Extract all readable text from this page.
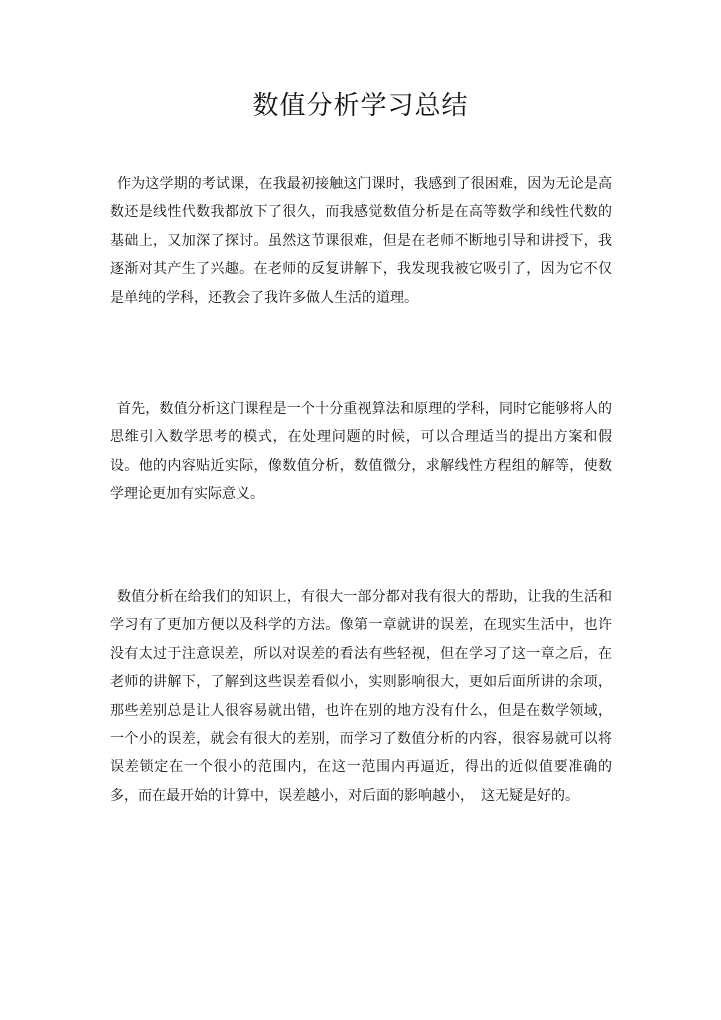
数值分析学习总结

作为这学期的考试课，在我最初接触这门课时，我感到了很困难，因为无论是高数还是线性代数我都放下了很久，而我感觉数值分析是在高等数学和线性代数的基础上，又加深了探讨。虽然这节课很难，但是在老师不断地引导和讲授下，我逐渐对其产生了兴趣。在老师的反复讲解下，我发现我被它吸引了，因为它不仅是单纯的学科，还教会了我许多做人生活的道理。

首先，数值分析这门课程是一个十分重视算法和原理的学科，同时它能够将人的思维引入数学思考的模式，在处理问题的时候，可以合理适当的提出方案和假设。他的内容贴近实际，像数值分析，数值微分，求解线性方程组的解等，使数学理论更加有实际意义。

数值分析在给我们的知识上，有很大一部分都对我有很大的帮助，让我的生活和学习有了更加方便以及科学的方法。像第一章就讲的误差，在现实生活中，也许没有太过于注意误差，所以对误差的看法有些轻视，但在学习了这一章之后，在老师的讲解下，了解到这些误差看似小，实则影响很大，更如后面所讲的余项，那些差别总是让人很容易就出错，也许在别的地方没有什么，但是在数学领域，一个小的误差，就会有很大的差别，而学习了数值分析的内容，很容易就可以将误差锁定在一个很小的范围内，在这一范围内再逼近，得出的近似值要准确的多，而在最开始的计算中，误差越小，对后面的影响越小，　这无疑是好的。
